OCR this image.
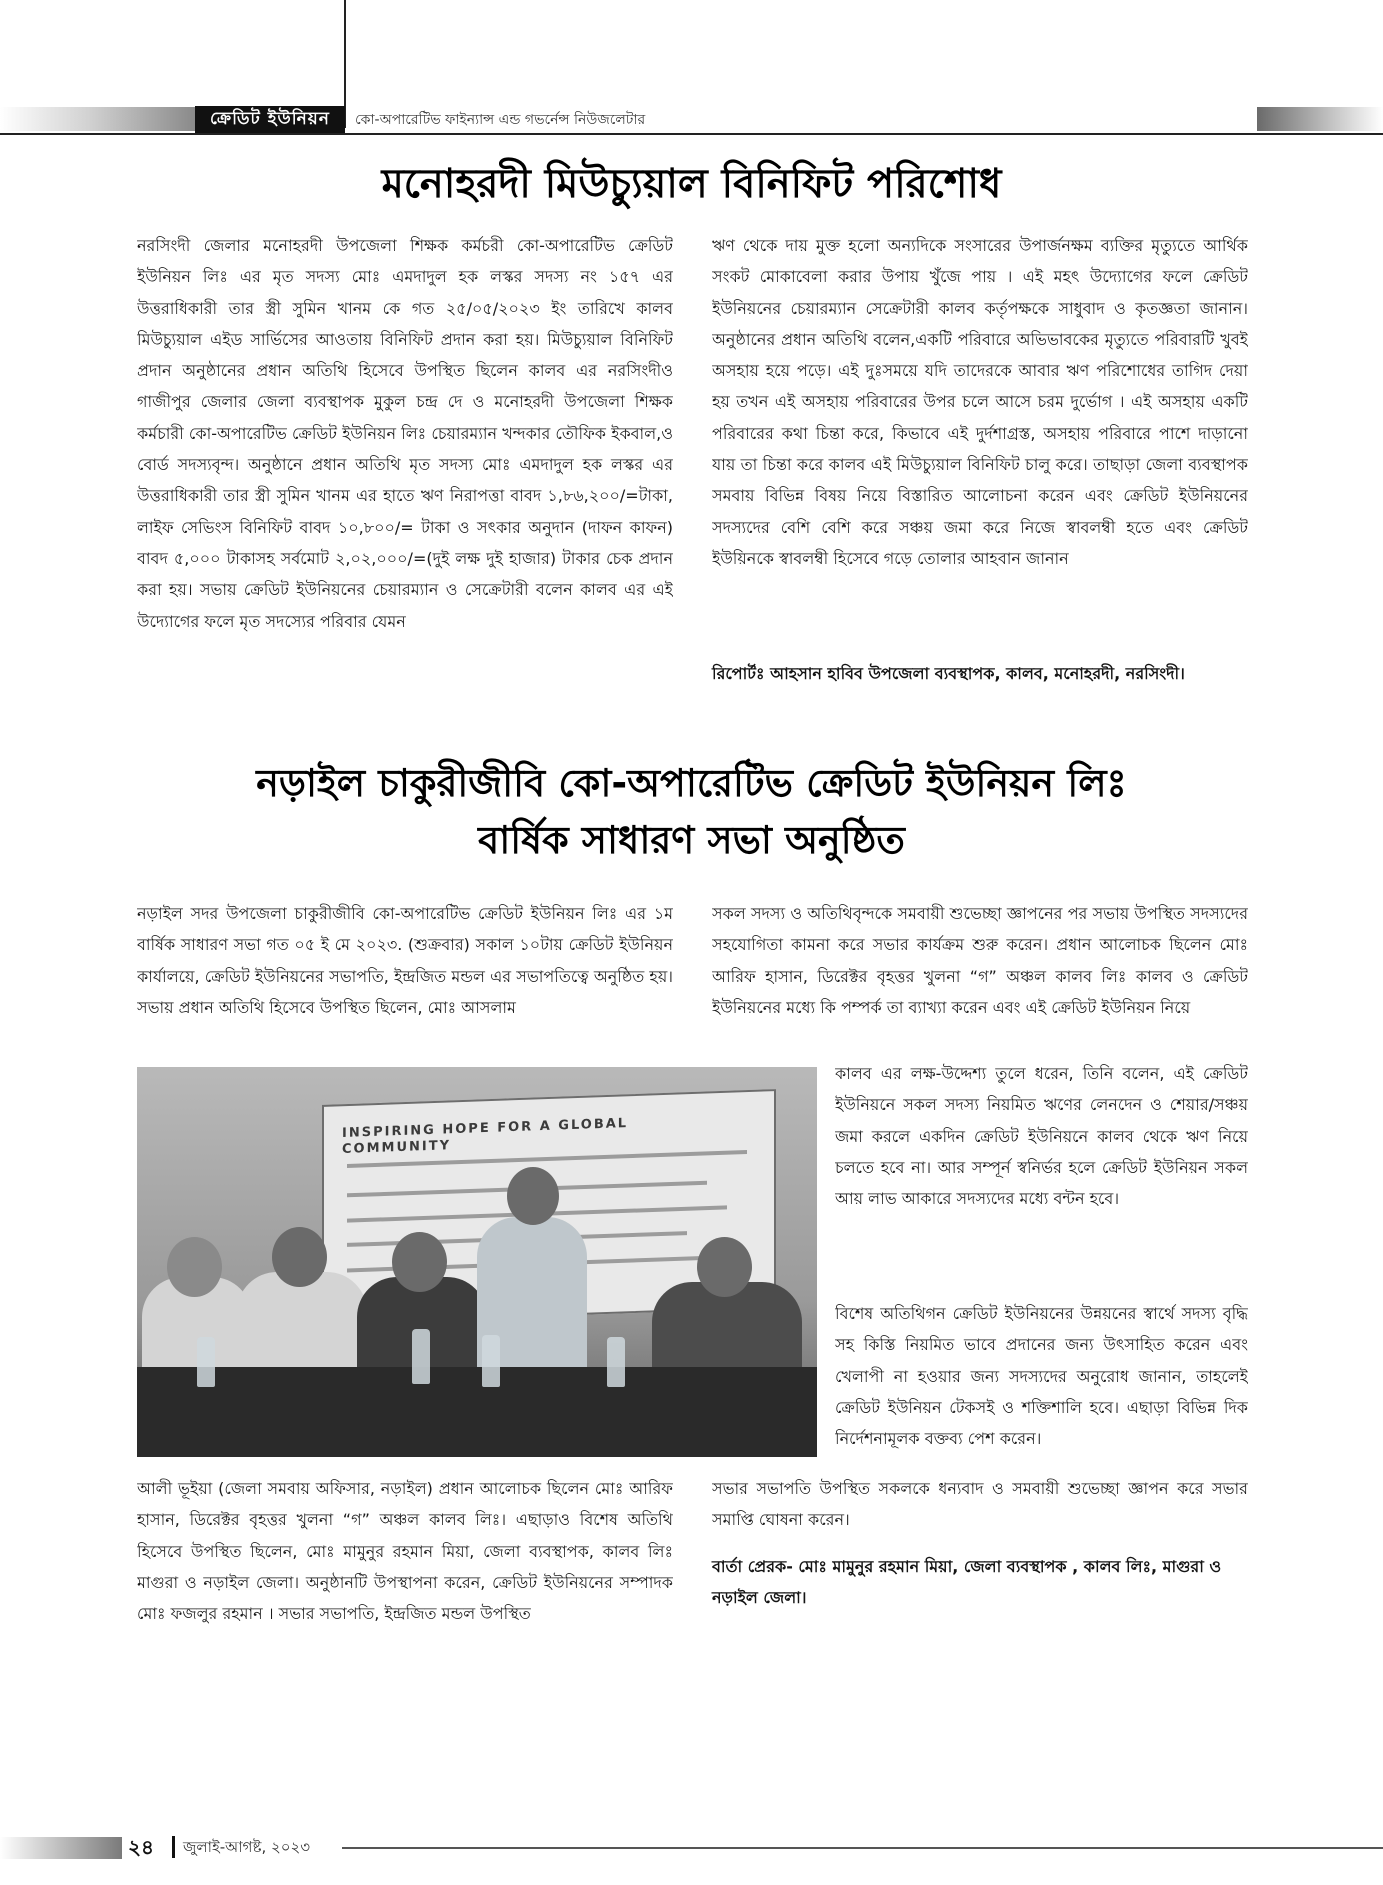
ক্রেডিট ইউনিয়ন	কো-অপারেটিভ ফাইন্যান্স এন্ড গভর্নেন্স নিউজলেটার
মনোহরদী মিউচ্যুয়াল বিনিফিট পরিশোধ

নরসিংদী জেলার মনোহরদী উপজেলা শিক্ষক কর্মচরী কো-অপারেটিভ ক্রেডিট ইউনিয়ন লিঃ এর মৃত সদস্য মোঃ এমদাদুল হক লস্কর সদস্য নং ১৫৭ এর উত্তরাধিকারী তার স্ত্রী সুমিন খানম কে গত ২৫/০৫/২০২৩ ইং তারিখে কালব মিউচ্যুয়াল এইড সার্ভিসের আওতায় বিনিফিট প্রদান করা হয়। মিউচ্যুয়াল বিনিফিট প্রদান অনুষ্ঠানের প্রধান অতিথি হিসেবে উপস্থিত ছিলেন কালব এর নরসিংদীও গাজীপুর জেলার জেলা ব্যবস্থাপক মুকুল চন্দ্র দে ও মনোহরদী উপজেলা শিক্ষক কর্মচারী কো-অপারেটিভ ক্রেডিট ইউনিয়ন লিঃ চেয়ারম্যান খন্দকার তৌফিক ইকবাল,ও বোর্ড সদস্যবৃন্দ। অনুষ্ঠানে প্রধান অতিথি মৃত সদস্য মোঃ এমদাদুল হক লস্কর এর উত্তরাধিকারী তার স্ত্রী সুমিন খানম এর হাতে ঋণ নিরাপত্তা বাবদ ১,৮৬,২০০/=টাকা, লাইফ সেভিংস বিনিফিট বাবদ ১০,৮০০/= টাকা ও সৎকার অনুদান (দাফন কাফন) বাবদ ৫,০০০ টাকাসহ সর্বমোট ২,০২,০০০/=(দুই লক্ষ দুই হাজার) টাকার চেক প্রদান করা হয়। সভায় ক্রেডিট ইউনিয়নের চেয়ারম্যান ও সেক্রেটারী বলেন কালব এর এই উদ্যোগের ফলে মৃত সদস্যের পরিবার যেমন

ঋণ থেকে দায় মুক্ত হলো অন্যদিকে সংসারের উপার্জনক্ষম ব্যক্তির মৃত্যুতে আর্থিক সংকট মোকাবেলা করার উপায় খুঁজে পায় । এই মহৎ উদ্যোগের ফলে ক্রেডিট ইউনিয়নের চেয়ারম্যান সেক্রেটারী কালব কর্তৃপক্ষকে সাধুবাদ ও কৃতজ্ঞতা জানান। অনুষ্ঠানের প্রধান অতিথি বলেন,একটি পরিবারে অভিভাবকের মৃত্যুতে পরিবারটি খুবই অসহায় হয়ে পড়ে। এই দুঃসময়ে যদি তাদেরকে আবার ঋণ পরিশোধের তাগিদ দেয়া হয় তখন এই অসহায় পরিবারের উপর চলে আসে চরম দুর্ভোগ । এই অসহায় একটি পরিবারের কথা চিন্তা করে, কিভাবে এই দুর্দশাগ্রস্ত, অসহায় পরিবারে পাশে দাড়ানো যায় তা চিন্তা করে কালব এই মিউচ্যুয়াল বিনিফিট চালু করে। তাছাড়া জেলা ব্যবস্থাপক সমবায় বিভিন্ন বিষয় নিয়ে বিস্তারিত আলোচনা করেন এবং ক্রেডিট ইউনিয়নের সদস্যদের বেশি বেশি করে সঞ্চয় জমা করে নিজে স্বাবলম্বী হতে এবং ক্রেডিট ইউয়িনকে স্বাবলম্বী হিসেবে গড়ে তোলার আহবান জানান

রিপোর্টঃ আহসান হাবিব উপজেলা ব্যবস্থাপক, কালব, মনোহরদী, নরসিংদী।
নড়াইল চাকুরীজীবি কো-অপারেটিভ ক্রেডিট ইউনিয়ন লিঃ
বার্ষিক সাধারণ সভা অনুষ্ঠিত

নড়াইল সদর উপজেলা চাকুরীজীবি কো-অপারেটিভ ক্রেডিট ইউনিয়ন লিঃ এর ১ম বার্ষিক সাধারণ সভা গত ০৫ ই মে ২০২৩. (শুক্রবার) সকাল ১০টায় ক্রেডিট ইউনিয়ন কার্যালয়ে, ক্রেডিট ইউনিয়নের সভাপতি, ইন্দ্রজিত মন্ডল এর সভাপতিত্বে অনুষ্ঠিত হয়। সভায় প্রধান অতিথি হিসেবে উপস্থিত ছিলেন, মোঃ আসলাম

সকল সদস্য ও অতিথিবৃন্দকে সমবায়ী শুভেচ্ছা জ্ঞাপনের পর সভায় উপস্থিত সদস্যদের সহযোগিতা কামনা করে সভার কার্যক্রম শুরু করেন। প্রধান আলোচক ছিলেন মোঃ আরিফ হাসান, ডিরেক্টর বৃহত্তর খুলনা “গ” অঞ্চল কালব লিঃ কালব ও ক্রেডিট ইউনিয়নের মধ্যে কি পম্পর্ক তা ব্যাখ্যা করেন এবং এই ক্রেডিট ইউনিয়ন নিয়ে

কালব এর লক্ষ-উদ্দেশ্য তুলে ধরেন, তিনি বলেন, এই ক্রেডিট ইউনিয়নে সকল সদস্য নিয়মিত ঋণের লেনদেন ও শেয়ার/সঞ্চয় জমা করলে একদিন ক্রেডিট ইউনিয়নে কালব থেকে ঋণ নিয়ে চলতে হবে না। আর সম্পূর্ন স্বনির্ভর হলে ক্রেডিট ইউনিয়ন সকল আয় লাভ আকারে সদস্যদের মধ্যে বন্টন হবে।

বিশেষ অতিথিগন ক্রেডিট ইউনিয়নের উন্নয়নের স্বার্থে সদস্য বৃদ্ধি সহ কিস্তি নিয়মিত ভাবে প্রদানের জন্য উৎসাহিত করেন এবং খেলাপী না হওয়ার জন্য সদস্যদের অনুরোধ জানান, তাহলেই ক্রেডিট ইউনিয়ন টেকসই ও শক্তিশালি হবে। এছাড়া বিভিন্ন দিক নির্দেশনামূলক বক্তব্য পেশ করেন।

INSPIRING HOPE FOR A GLOBAL COMMUNITY

আলী ভূইয়া (জেলা সমবায় অফিসার, নড়াইল) প্রধান আলোচক ছিলেন মোঃ আরিফ হাসান, ডিরেক্টর বৃহত্তর খুলনা “গ” অঞ্চল কালব লিঃ। এছাড়াও বিশেষ অতিথি হিসেবে উপস্থিত ছিলেন, মোঃ মামুনুর রহমান মিয়া, জেলা ব্যবস্থাপক, কালব লিঃ মাগুরা ও নড়াইল জেলা। অনুষ্ঠানটি উপস্থাপনা করেন, ক্রেডিট ইউনিয়নের সম্পাদক মোঃ ফজলুর রহমান । সভার সভাপতি, ইন্দ্রজিত মন্ডল উপস্থিত

সভার সভাপতি উপস্থিত সকলকে ধন্যবাদ ও সমবায়ী শুভেচ্ছা জ্ঞাপন করে সভার সমাপ্তি ঘোষনা করেন।

বার্তা প্রেরক- মোঃ মামুনুর রহমান মিয়া, জেলা ব্যবস্থাপক , কালব লিঃ, মাগুরা ও নড়াইল জেলা।
২৪ জুলাই-আগষ্ট, ২০২৩
